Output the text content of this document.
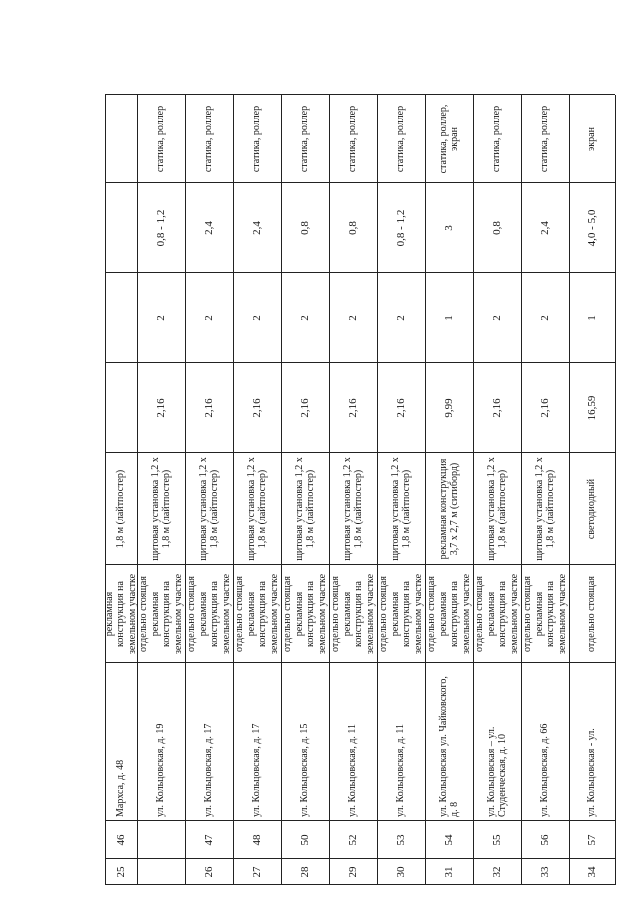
25
46
Мархса, д. 48
рекламная конструкция на земельном участке
1,8 м (лайтпостер)
ул. Кольцовская, д. 19
отдельно стоящая рекламная конструкция на земельном участке
щитовая установка 1,2 х 1,8 м (лайтпостер)
2,16
2
0,8 - 1,2
статика, роллер
26
47
ул. Кольцовская, д. 17
отдельно стоящая рекламная конструкция на земельном участке
щитовая установка 1,2 х 1,8 м (лайтпостер)
2,16
2
2,4
статика, роллер
27
48
ул. Кольцовская, д. 17
отдельно стоящая рекламная конструкция на земельном участке
щитовая установка 1,2 х 1,8 м (лайтпостер)
2,16
2
2,4
статика, роллер
28
50
ул. Кольцовская, д. 15
отдельно стоящая рекламная конструкция на земельном участке
щитовая установка 1,2 х 1,8 м (лайтпостер)
2,16
2
0,8
статика, роллер
29
52
ул. Кольцовская, д. 11
отдельно стоящая рекламная конструкция на земельном участке
щитовая установка 1,2 х 1,8 м (лайтпостер)
2,16
2
0,8
статика, роллер
30
53
ул. Кольцовская, д. 11
отдельно стоящая рекламная конструкция на земельном участке
щитовая установка 1,2 х 1,8 м (лайтпостер)
2,16
2
0,8 - 1,2
статика, роллер
31
54
ул. Кольцовская ул. Чайковского, д. 8
отдельно стоящая рекламная конструкция на земельном участке
рекламная конструкция 3,7 х 2,7 м (ситиборд)
9,99
1
3
статика, роллер, экран
32
55
ул. Кольцовская – ул. Студенческая, д. 10
отдельно стоящая рекламная конструкция на земельном участке
щитовая установка 1,2 х 1,8 м (лайтпостер)
2,16
2
0,8
статика, роллер
33
56
ул. Кольцовская, д. 66
отдельно стоящая рекламная конструкция на земельном участке
щитовая установка 1,2 х 1,8 м (лайтпостер)
2,16
2
2,4
статика, роллер
34
57
ул. Кольцовская - ул.
отдельно стоящая
светодиодный
16,59
1
4,0 - 5,0
экран
